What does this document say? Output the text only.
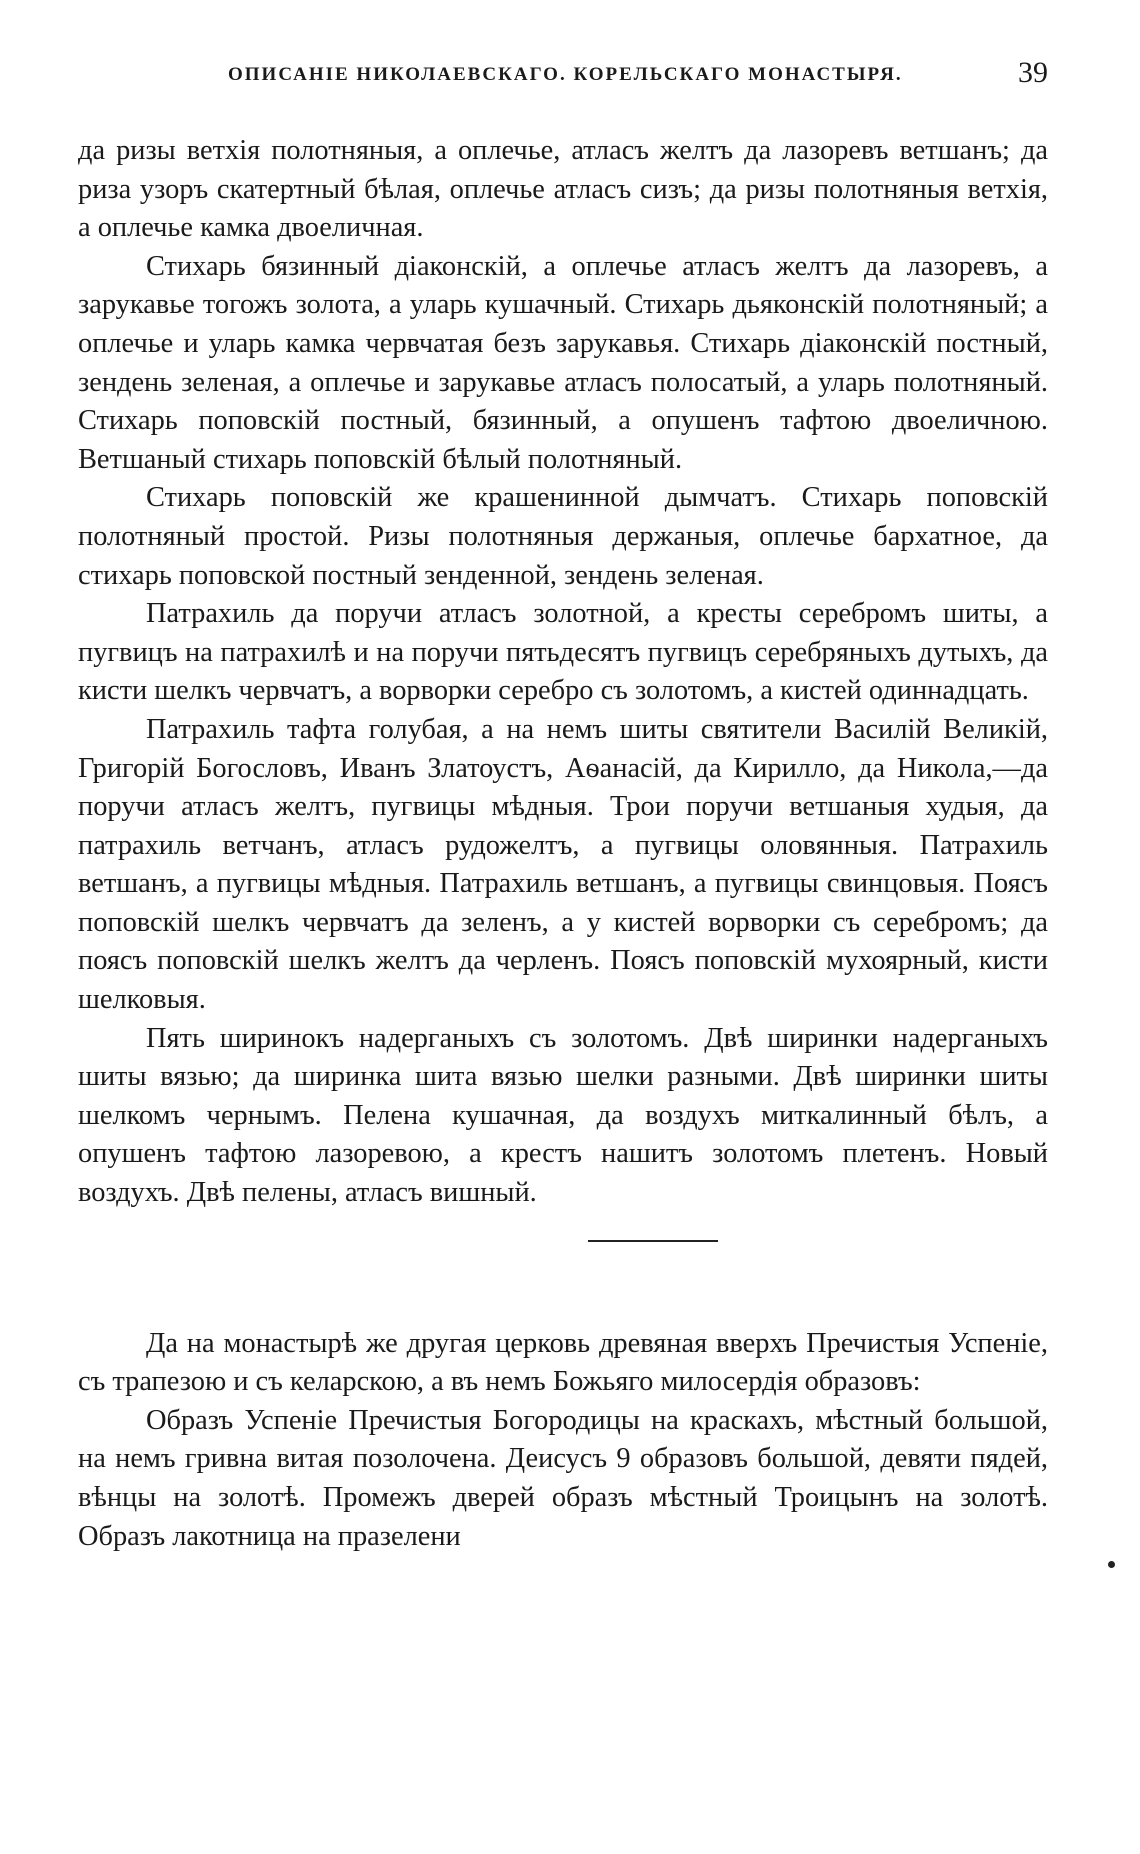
ОПИСАНІЕ НИКОЛАЕВСКАГО. КОРЕЛЬСКАГО МОНАСТЫРЯ.	39

да ризы ветхія полотняныя, а оплечье, атласъ желтъ да лазоревъ ветшанъ; да риза узоръ скатертный бѣлая, оплечье атласъ сизъ; да ризы полотняныя ветхія, а оплечье камка двоеличная.

Стихарь бязинный діаконскій, а оплечье атласъ желтъ да лазоревъ, а зарукавье тогожъ золота, а уларь кушачный. Стихарь дьяконскій полотняный; а оплечье и уларь камка червчатая безъ зарукавья. Стихарь діаконскій постный, зендень зеленая, а оплечье и зарукавье атласъ полосатый, а уларь полотняный. Стихарь поповскій постный, бязинный, а опушенъ тафтою двоеличною. Ветшаный стихарь поповскій бѣлый полотняный.

Стихарь поповскій же крашенинной дымчатъ. Стихарь поповскій полотняный простой. Ризы полотняныя держаныя, оплечье бархатное, да стихарь поповской постный зенденной, зендень зеленая.

Патрахиль да поручи атласъ золотной, а кресты серебромъ шиты, а пугвицъ на патрахилѣ и на поручи пятьдесятъ пугвицъ серебряныхъ дутыхъ, да кисти шелкъ червчатъ, а ворворки серебро съ золотомъ, а кистей одиннадцать.

Патрахиль тафта голубая, а на немъ шиты святители Василій Великій, Григорій Богословъ, Иванъ Златоустъ, Аѳанасій, да Кирилло, да Никола,—да поручи атласъ желтъ, пугвицы мѣдныя. Трои поручи ветшаныя худыя, да патрахиль ветчанъ, атласъ рудожелтъ, а пугвицы оловянныя. Патрахиль ветшанъ, а пугвицы мѣдныя. Патрахиль ветшанъ, а пугвицы свинцовыя. Поясъ поповскій шелкъ червчатъ да зеленъ, а у кистей ворворки съ серебромъ; да поясъ поповскій шелкъ желтъ да черленъ. Поясъ поповскій мухоярный, кисти шелковыя.

Пять ширинокъ надерганыхъ съ золотомъ. Двѣ ширинки надерганыхъ шиты вязью; да ширинка шита вязью шелки разными. Двѣ ширинки шиты шелкомъ чернымъ. Пелена кушачная, да воздухъ миткалинный бѣлъ, а опушенъ тафтою лазоревою, а крестъ нашитъ золотомъ плетенъ. Новый воздухъ. Двѣ пелены, атласъ вишный.

Да на монастырѣ же другая церковь древяная вверхъ Пречистыя Успеніе, съ трапезою и съ келарскою, а въ немъ Божьяго милосердія образовъ:

Образъ Успеніе Пречистыя Богородицы на краскахъ, мѣстный большой, на немъ гривна витая позолочена. Деисусъ 9 образовъ большой, девяти пядей, вѣнцы на золотѣ. Промежъ дверей образъ мѣстный Троицынъ на золотѣ. Образъ лакотница на празелени
